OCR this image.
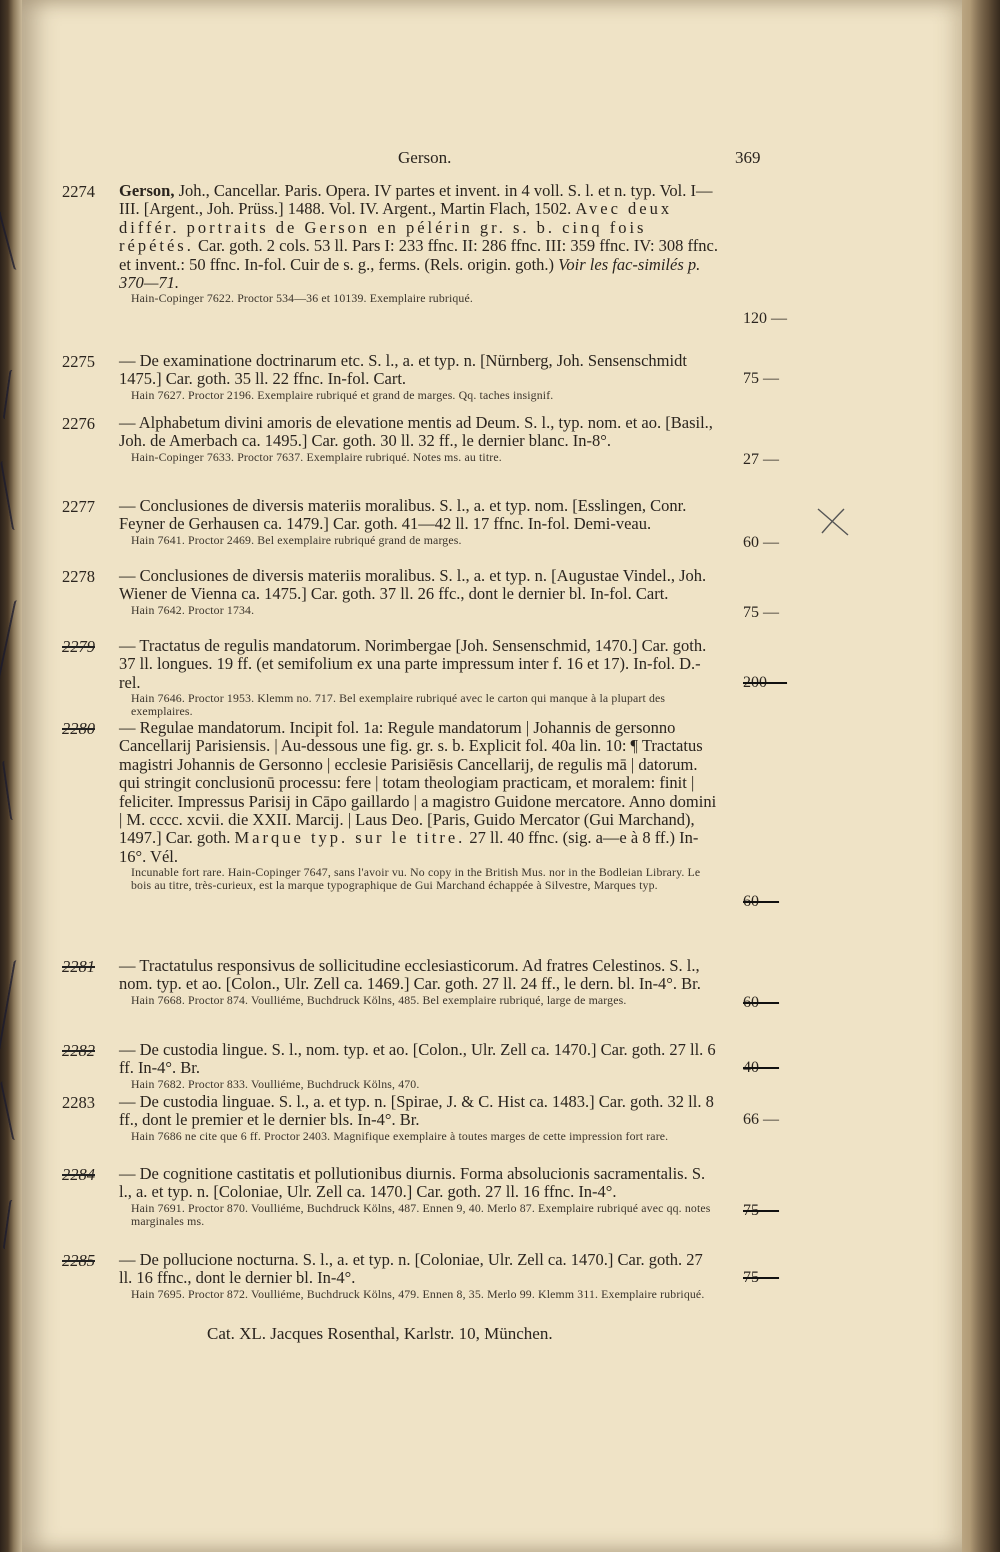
Gerson.	369
2274	Gerson, Joh., Cancellar. Paris. Opera. IV partes et invent. in 4 voll. S. l. et n. typ. Vol. I—III. [Argent., Joh. Prüss.] 1488. Vol. IV. Argent., Martin Flach, 1502. Avec deux différ. portraits de Gerson en pélérin gr. s. b. cinq fois répétés. Car. goth. 2 cols. 53 ll. Pars I: 233 ffnc. II: 286 ffnc. III: 359 ffnc. IV: 308 ffnc. et invent.: 50 ffnc. In-fol. Cuir de s. g., ferms. (Rels. origin. goth.) Voir les fac-similés p. 370—71.
Hain-Copinger 7622. Proctor 534—36 et 10139. Exemplaire rubriqué.
120 —
2275	— De examinatione doctrinarum etc. S. l., a. et typ. n. [Nürnberg, Joh. Sensenschmidt 1475.] Car. goth. 35 ll. 22 ffnc. In-fol. Cart.
Hain 7627. Proctor 2196. Exemplaire rubriqué et grand de marges. Qq. taches insignif.
75 —
2276	— Alphabetum divini amoris de elevatione mentis ad Deum. S. l., typ. nom. et ao. [Basil., Joh. de Amerbach ca. 1495.] Car. goth. 30 ll. 32 ff., le dernier blanc. In-8°.
Hain-Copinger 7633. Proctor 7637. Exemplaire rubriqué. Notes ms. au titre.	27 —
2277	— Conclusiones de diversis materiis moralibus. S. l., a. et typ. nom. [Esslingen, Conr. Feyner de Gerhausen ca. 1479.] Car. goth. 41—42 ll. 17 ffnc. In-fol. Demi-veau.
Hain 7641. Proctor 2469. Bel exemplaire rubriqué grand de marges.	60 —
2278	— Conclusiones de diversis materiis moralibus. S. l., a. et typ. n. [Augustae Vindel., Joh. Wiener de Vienna ca. 1475.] Car. goth. 37 ll. 26 ffc., dont le dernier bl. In-fol. Cart.
Hain 7642. Proctor 1734.	75 —
2279	— Tractatus de regulis mandatorum. Norimbergae [Joh. Sensenschmid, 1470.] Car. goth. 37 ll. longues. 19 ff. (et semifolium ex una parte impressum inter f. 16 et 17). In-fol. D.-rel.
Hain 7646. Proctor 1953. Klemm no. 717. Bel exemplaire rubriqué avec le carton qui manque à la plupart des exemplaires.
200 —
2280	— Regulae mandatorum. Incipit fol. 1a: Regule mandatorum | Johannis de gersonno Cancellarij Parisiensis. | Au-dessous une fig. gr. s. b. Explicit fol. 40a lin. 10: ¶ Tractatus magistri Johannis de Gersonno | ecclesie Parisiēsis Cancellarij, de regulis mā | datorum. qui stringit conclusionū processu: fere | totam theologiam practicam, et moralem: finit | feliciter. Impressus Parisij in Cāpo gaillardo | a magistro Guidone mercatore. Anno domini | M. cccc. xcvii. die XXII. Marcij. | Laus Deo. [Paris, Guido Mercator (Gui Marchand), 1497.] Car. goth. Marque typ. sur le titre. 27 ll. 40 ffnc. (sig. a—e à 8 ff.) In-16°. Vél.
Incunable fort rare. Hain-Copinger 7647, sans l'avoir vu. No copy in the British Mus. nor in the Bodleian Library. Le bois au titre, très-curieux, est la marque typographique de Gui Marchand échappée à Silvestre, Marques typ.
60 —
2281	— Tractatulus responsivus de sollicitudine ecclesiasticorum. Ad fratres Celestinos. S. l., nom. typ. et ao. [Colon., Ulr. Zell ca. 1469.] Car. goth. 27 ll. 24 ff., le dern. bl. In-4°. Br.
Hain 7668. Proctor 874. Voulliéme, Buchdruck Kölns, 485. Bel exemplaire rubriqué, large de marges.	60 —
2282	— De custodia lingue. S. l., nom. typ. et ao. [Colon., Ulr. Zell ca. 1470.] Car. goth. 27 ll. 6 ff. In-4°. Br.
Hain 7682. Proctor 833. Voulliéme, Buchdruck Kölns, 470.
40 —
2283	— De custodia linguae. S. l., a. et typ. n. [Spirae, J. & C. Hist ca. 1483.] Car. goth. 32 ll. 8 ff., dont le premier et le dernier bls. In-4°. Br.
Hain 7686 ne cite que 6 ff. Proctor 2403. Magnifique exemplaire à toutes marges de cette impression fort rare.
66 —
2284	— De cognitione castitatis et pollutionibus diurnis. Forma absolucionis sacramentalis. S. l., a. et typ. n. [Coloniae, Ulr. Zell ca. 1470.] Car. goth. 27 ll. 16 ffnc. In-4°.
Hain 7691. Proctor 870. Voulliéme, Buchdruck Kölns, 487. Ennen 9, 40. Merlo 87. Exemplaire rubriqué avec qq. notes marginales ms.
75 —
2285	— De pollucione nocturna. S. l., a. et typ. n. [Coloniae, Ulr. Zell ca. 1470.] Car. goth. 27 ll. 16 ffnc., dont le dernier bl. In-4°.
Hain 7695. Proctor 872. Voulliéme, Buchdruck Kölns, 479. Ennen 8, 35. Merlo 99. Klemm 311. Exemplaire rubriqué.
75 —
Cat. XL. Jacques Rosenthal, Karlstr. 10, München.
